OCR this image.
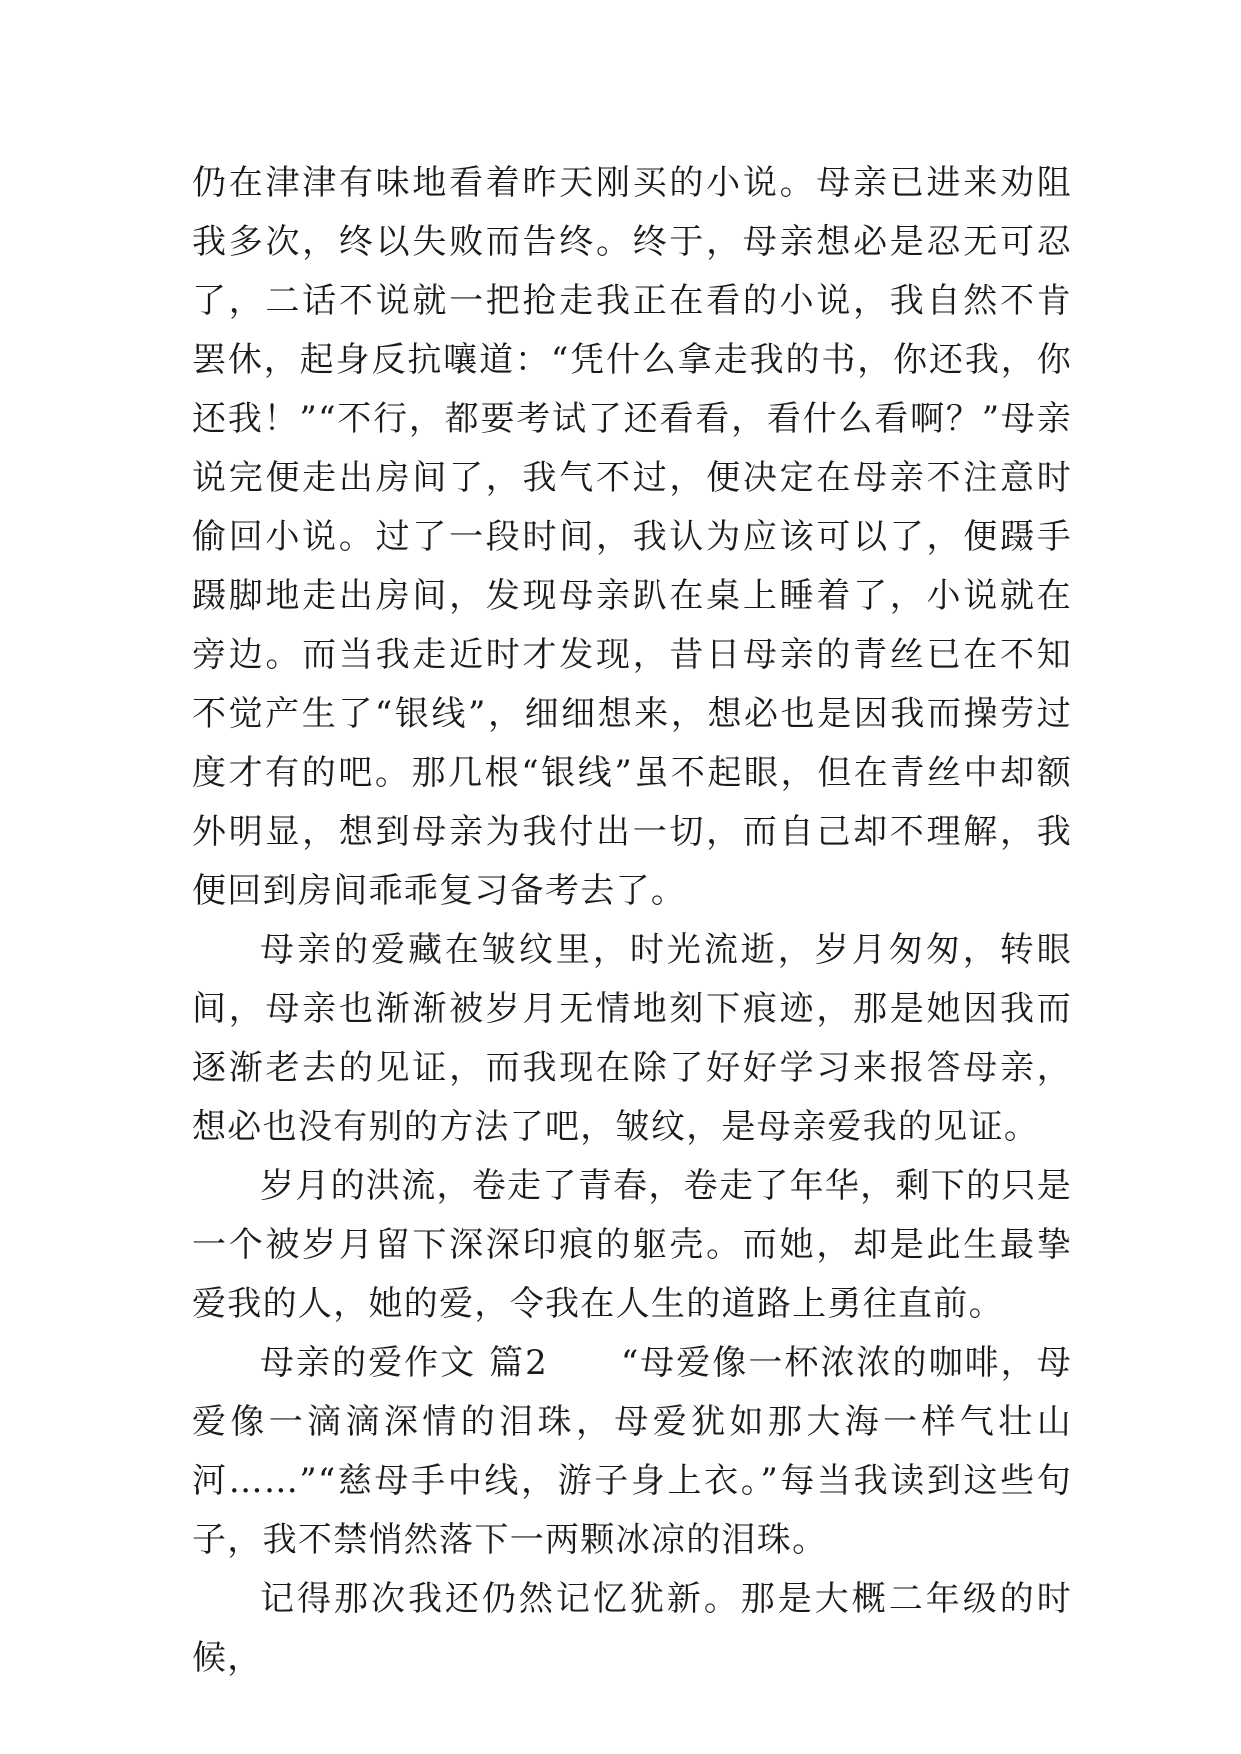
仍在津津有味地看着昨天刚买的小说。母亲已进来劝阻我多次，终以失败而告终。终于，母亲想必是忍无可忍了，二话不说就一把抢走我正在看的小说，我自然不肯罢休，起身反抗嚷道：“凭什么拿走我的书，你还我，你还我！”“不行，都要考试了还看看，看什么看啊？”母亲说完便走出房间了，我气不过，便决定在母亲不注意时偷回小说。过了一段时间，我认为应该可以了，便蹑手蹑脚地走出房间，发现母亲趴在桌上睡着了，小说就在旁边。而当我走近时才发现，昔日母亲的青丝已在不知不觉产生了“银线”，细细想来，想必也是因我而操劳过度才有的吧。那几根“银线”虽不起眼，但在青丝中却额外明显，想到母亲为我付出一切，而自己却不理解，我便回到房间乖乖复习备考去了。

母亲的爱藏在皱纹里，时光流逝，岁月匆匆，转眼间，母亲也渐渐被岁月无情地刻下痕迹，那是她因我而逐渐老去的见证，而我现在除了好好学习来报答母亲，想必也没有别的方法了吧，皱纹，是母亲爱我的见证。

岁月的洪流，卷走了青春，卷走了年华，剩下的只是一个被岁月留下深深印痕的躯壳。而她，却是此生最挚爱我的人，她的爱，令我在人生的道路上勇往直前。

母亲的爱作文 篇2　　“母爱像一杯浓浓的咖啡，母爱像一滴滴深情的泪珠，母爱犹如那大海一样气壮山河……”“慈母手中线，游子身上衣。”每当我读到这些句子，我不禁悄然落下一两颗冰凉的泪珠。

记得那次我还仍然记忆犹新。那是大概二年级的时候，
